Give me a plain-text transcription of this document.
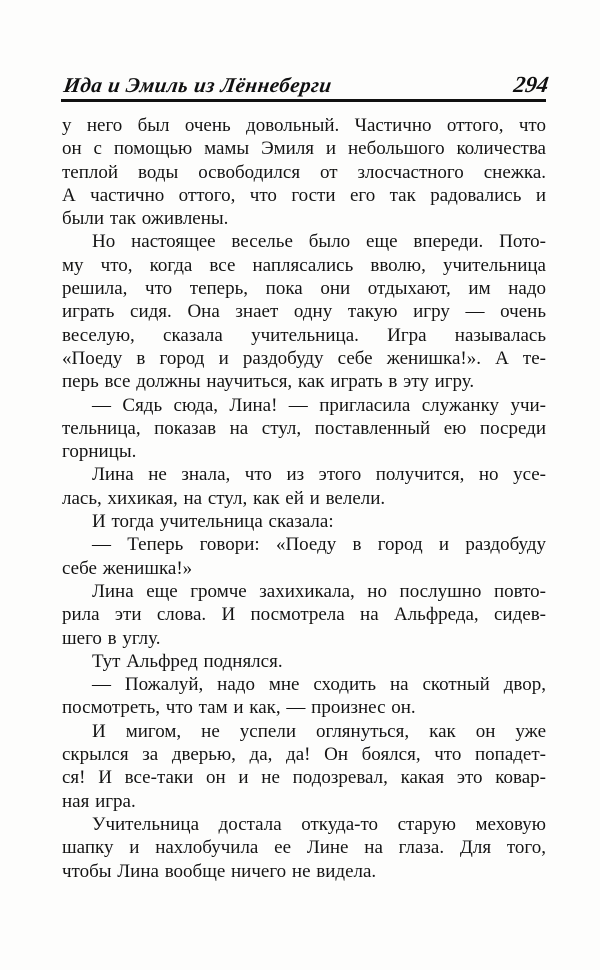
Ида и Эмиль из Лённеберги	294
у него был очень довольный. Частично оттого, что
он с помощью мамы Эмиля и небольшого количества
теплой воды освободился от злосчастного снежка.
А частично оттого, что гости его так радовались и
были так оживлены.
Но настоящее веселье было еще впереди. Пото-
му что, когда все наплясались вволю, учительница
решила, что теперь, пока они отдыхают, им надо
играть сидя. Она знает одну такую игру — очень
веселую, сказала учительница. Игра называлась
«Поеду в город и раздобуду себе женишка!». А те-
перь все должны научиться, как играть в эту игру.
— Сядь сюда, Лина! — пригласила служанку учи-
тельница, показав на стул, поставленный ею посреди
горницы.
Лина не знала, что из этого получится, но усе-
лась, хихикая, на стул, как ей и велели.
И тогда учительница сказала:
— Теперь говори: «Поеду в город и раздобуду
себе женишка!»
Лина еще громче захихикала, но послушно повто-
рила эти слова. И посмотрела на Альфреда, сидев-
шего в углу.
Тут Альфред поднялся.
— Пожалуй, надо мне сходить на скотный двор,
посмотреть, что там и как, — произнес он.
И мигом, не успели оглянуться, как он уже
скрылся за дверью, да, да! Он боялся, что попадет-
ся! И все-таки он и не подозревал, какая это ковар-
ная игра.
Учительница достала откуда-то старую меховую
шапку и нахлобучила ее Лине на глаза. Для того,
чтобы Лина вообще ничего не видела.
